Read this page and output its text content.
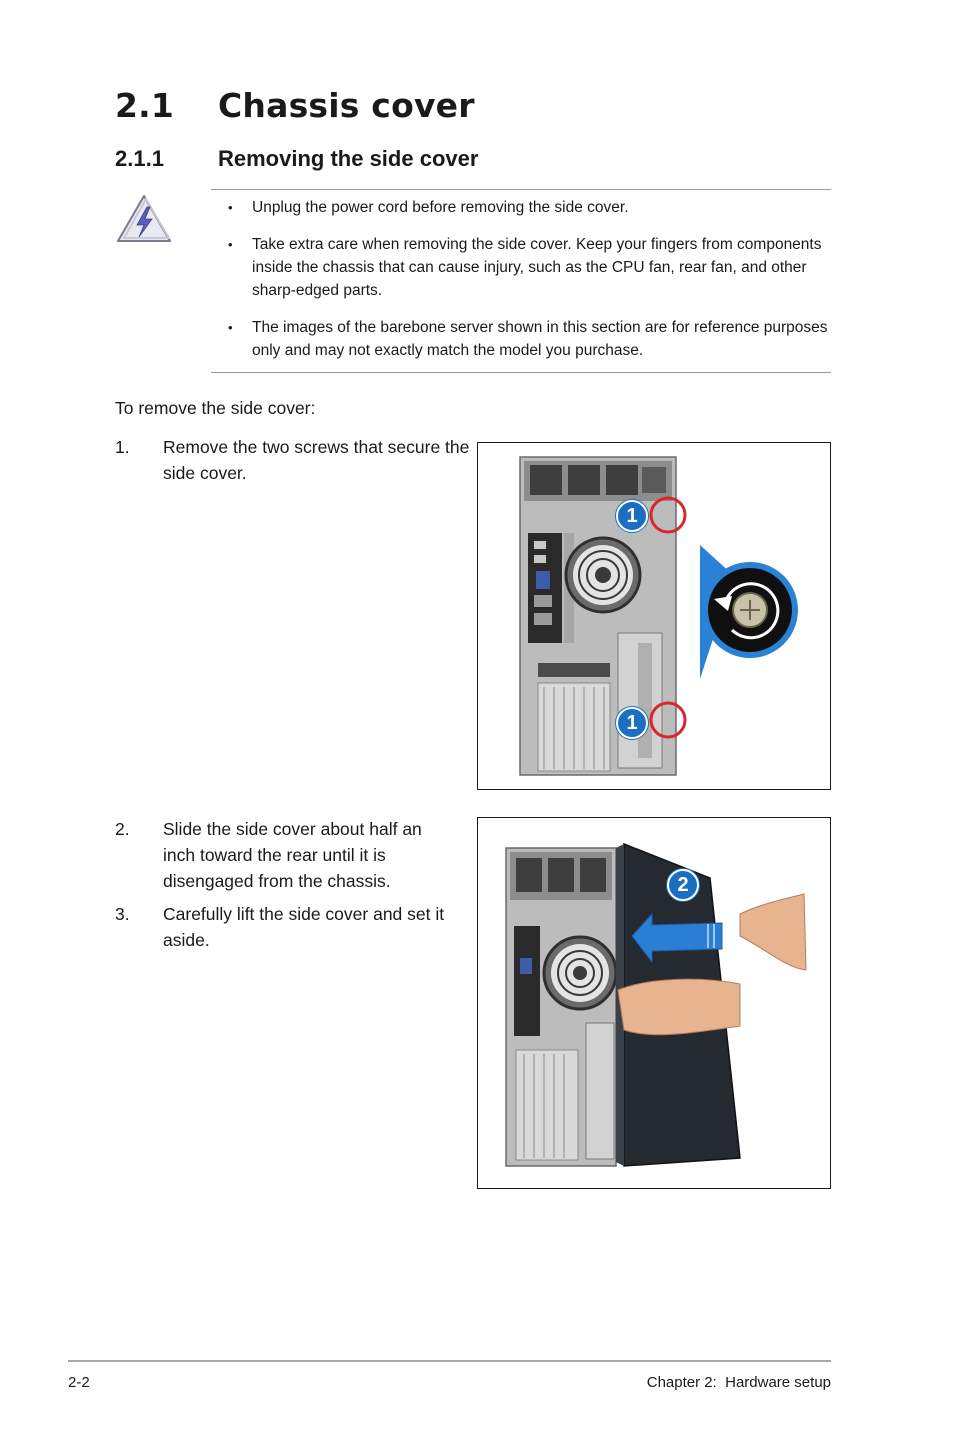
2.1 Chassis cover
2.1.1 Removing the side cover
• Unplug the power cord before removing the side cover.
• Take extra care when removing the side cover. Keep your fingers from components inside the chassis that can cause injury, such as the CPU fan, rear fan, and other sharp-edged parts.
• The images of the barebone server shown in this section are for reference purposes only and may not exactly match the model you purchase.
To remove the side cover:
1. Remove the two screws that secure the side cover.
2. Slide the side cover about half an inch toward the rear until it is disengaged from the chassis.
3. Carefully lift the side cover and set it aside.
1
1
2
2-2	Chapter 2:  Hardware setup
